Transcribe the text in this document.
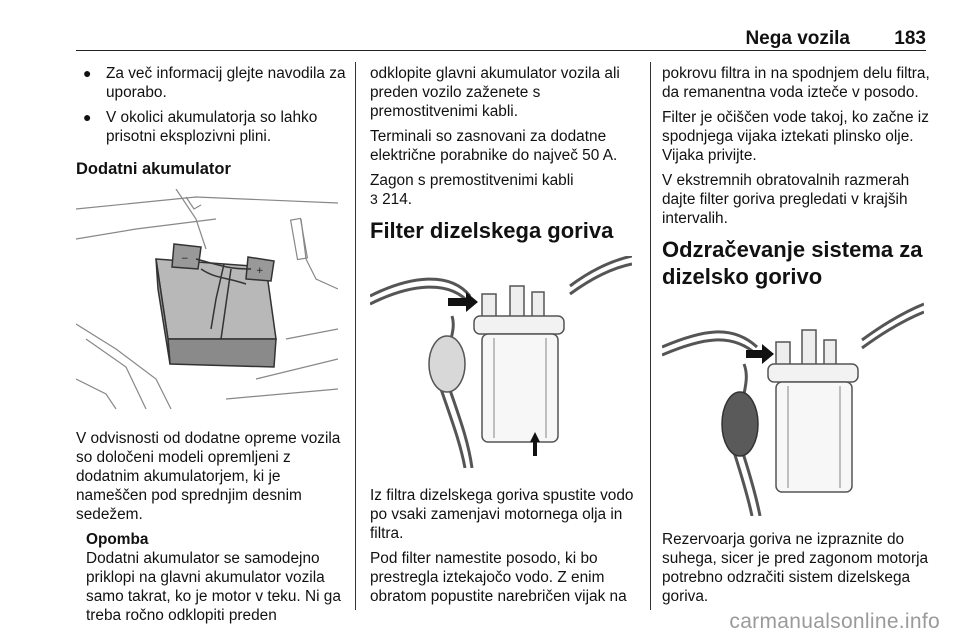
Nega vozila	183
● Za več informacij glejte navodila za uporabo.
● V okolici akumulatorja so lahko prisotni eksplozivni plini.
Dodatni akumulator
−
+

V odvisnosti od dodatne opreme vozila so določeni modeli opremljeni z dodatnim akumulatorjem, ki je nameščen pod sprednjim desnim sedežem.

Opomba
Dodatni akumulator se samodejno priklopi na glavni akumulator vozila samo takrat, ko je motor v teku. Ni ga treba ročno odklopiti preden

odklopite glavni akumulator vozila ali preden vozilo zaženete s premostitvenimi kabli.

Terminali so zasnovani za dodatne električne porabnike do največ 50 A.

Zagon s premostitvenimi kabli
3 214.

Filter dizelskega goriva

Iz filtra dizelskega goriva spustite vodo po vsaki zamenjavi motornega olja in filtra.

Pod filter namestite posodo, ki bo prestregla iztekajočo vodo. Z enim obratom popustite narebričen vijak na

pokrovu filtra in na spodnjem delu filtra, da remanentna voda izteče v posodo.

Filter je očiščen vode takoj, ko začne iz spodnjega vijaka iztekati plinsko olje. Vijaka privijte.

V ekstremnih obratovalnih razmerah dajte filter goriva pregledati v krajših intervalih.

Odzračevanje sistema za dizelsko gorivo

Rezervoarja goriva ne izpraznite do suhega, sicer je pred zagonom motorja potrebno odzračiti sistem dizelskega goriva.

carmanualsonline.info
